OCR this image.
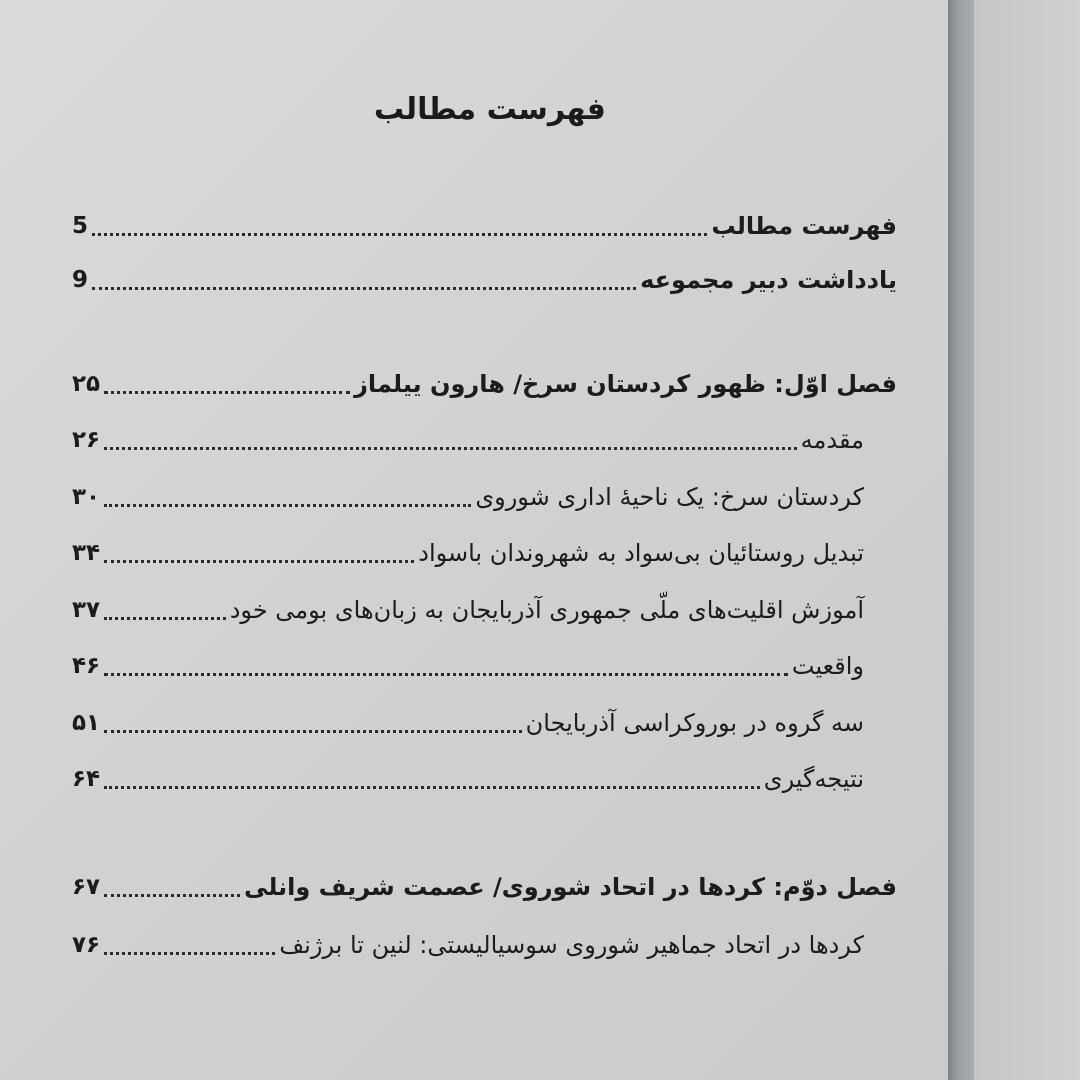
فهرست مطالب
فهرست مطالب
5
یادداشت دبیر مجموعه
9
فصل اوّل: ظهور کردستان سرخ/ هارون ییلماز
۲۵
مقدمه
۲۶
کردستان سرخ: یک ناحیهٔ اداری شوروی
۳۰
تبدیل روستائیان بی‌سواد به شهروندان باسواد
۳۴
آموزش اقلیت‌های ملّی جمهوری آذربایجان به زبان‌های بومی خود
۳۷
واقعیت
۴۶
سه گروه در بوروکراسی آذربایجان
۵۱
نتیجه‌گیری
۶۴
فصل دوّم: کردها در اتحاد شوروی/ عصمت شریف وانلی
۶۷
کردها در اتحاد جماهیر شوروی سوسیالیستی: لنین تا برژنف
۷۶
